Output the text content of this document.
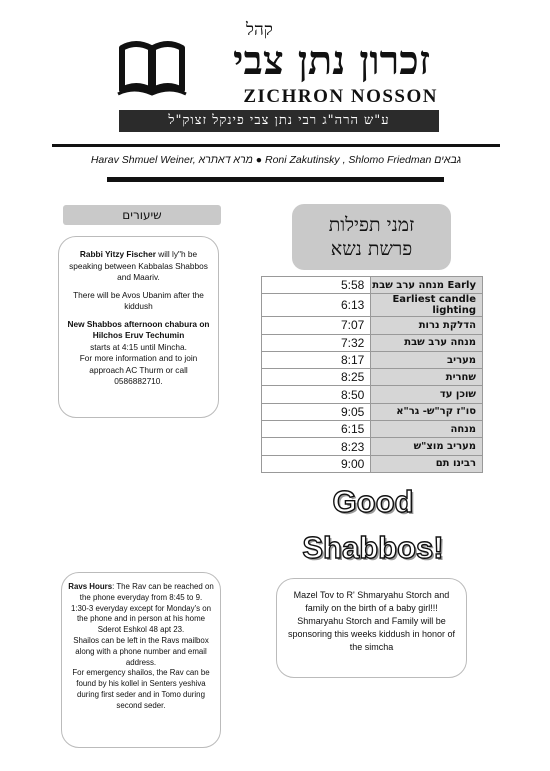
קהל
זכרון נתן צבי
ZICHRON NOSSON
ע"ש הרה"ג רבי נתן צבי פינקל זצוק"ל
Harav Shmuel Weiner, מרא דאתרא ● Roni Zakutinsky , Shlomo Friedman גבאים
שיעורים

Rabbi Yitzy Fischer will ly"h be speaking between Kabbalas Shabbos and Maariv.

There will be Avos Ubanim after the kiddush

New Shabbos afternoon chabura on Hilchos Eruv Techumin

starts at 4:15 until Mincha.

For more information and to join approach AC Thurm or call 0586882710.

זמני תפילות
פרשת נשא
5:58	מנחה ערב שבת Early
6:13	Earliest candle lighting
7:07	הדלקת נרות
7:32	מנחה ערב שבת
8:17	מעריב
8:25	שחרית
8:50	שוכן עד
9:05	סו"ז קר"ש- גר"א
6:15	מנחה
8:23	מעריב מוצ"ש
9:00	רבינו תם
Good
Shabbos!
Mazel Tov to R' Shmaryahu Storch and family on the birth of a baby girl!!!
Shmaryahu Storch and Family will be sponsoring this weeks kiddush in honor of the simcha
Ravs Hours: The Rav can be reached on the phone everyday from 8:45 to 9.
1:30-3 everyday except for Monday's on the phone and in person at his home Sderot Eshkol 48 apt 23.
Shailos can be left in the Ravs mailbox along with a phone number and email address.
For emergency shailos, the Rav can be found by his kollel in Senters yeshiva during first seder and in Tomo during second seder.
